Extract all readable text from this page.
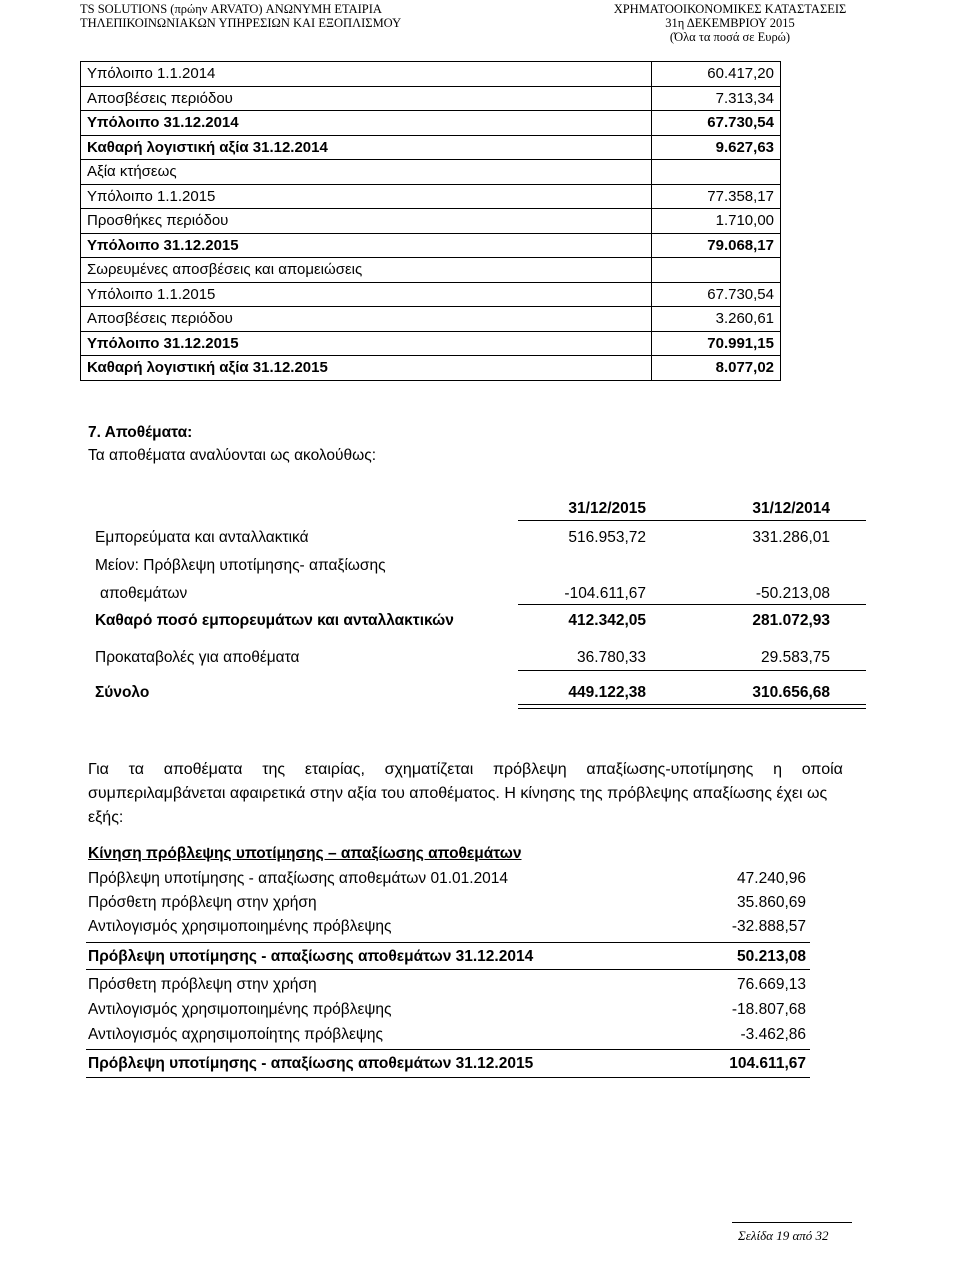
TS SOLUTIONS (πρώην ARVATO) ΑΝΩΝΥΜΗ ΕΤΑΙΡΙΑ
ΤΗΛΕΠΙΚΟΙΝΩΝΙΑΚΩΝ ΥΠΗΡΕΣΙΩΝ ΚΑΙ ΕΞΟΠΛΙΣΜΟΥ
ΧΡΗΜΑΤΟΟΙΚΟΝΟΜΙΚΕΣ ΚΑΤΑΣΤΑΣΕΙΣ
31η ΔΕΚΕΜΒΡΙΟΥ 2015
(Όλα τα ποσά σε Ευρώ)
Υπόλοιπο 1.1.2014	60.417,20
Αποσβέσεις περιόδου	7.313,34
Υπόλοιπο 31.12.2014	67.730,54
Καθαρή λογιστική αξία 31.12.2014	9.627,63
Αξία κτήσεως	
Υπόλοιπο 1.1.2015	77.358,17
Προσθήκες περιόδου	1.710,00
Υπόλοιπο 31.12.2015	79.068,17
Σωρευμένες αποσβέσεις και απομειώσεις	
Υπόλοιπο 1.1.2015	67.730,54
Αποσβέσεις περιόδου	3.260,61
Υπόλοιπο 31.12.2015	70.991,15
Καθαρή λογιστική αξία 31.12.2015	8.077,02
7. Αποθέματα:
Τα αποθέματα αναλύονται ως ακολούθως:
31/12/2015	31/12/2014
Εμπορεύματα και ανταλλακτικά	516.953,72	331.286,01
Μείον: Πρόβλεψη υποτίμησης- απαξίωσης
αποθεμάτων	-104.611,67	-50.213,08
Καθαρό ποσό εμπορευμάτων και ανταλλακτικών	412.342,05	281.072,93
Προκαταβολές για αποθέματα	36.780,33	29.583,75
Σύνολο	449.122,38	310.656,68
Για τα αποθέματα της εταιρίας, σχηματίζεται πρόβλεψη απαξίωσης-υποτίμησης η οποία
συμπεριλαμβάνεται αφαιρετικά στην αξία του αποθέματος. Η κίνησης της πρόβλεψης απαξίωσης έχει ως
εξής:
Κίνηση πρόβλεψης υποτίμησης – απαξίωσης αποθεμάτων
Πρόβλεψη υποτίμησης - απαξίωσης αποθεμάτων 01.01.2014	47.240,96
Πρόσθετη πρόβλεψη στην χρήση	35.860,69
Αντιλογισμός χρησιμοποιημένης πρόβλεψης	-32.888,57
Πρόβλεψη υποτίμησης - απαξίωσης αποθεμάτων 31.12.2014	50.213,08
Πρόσθετη πρόβλεψη στην χρήση	76.669,13
Αντιλογισμός χρησιμοποιημένης πρόβλεψης	-18.807,68
Αντιλογισμός αχρησιμοποίητης πρόβλεψης	-3.462,86
Πρόβλεψη υποτίμησης - απαξίωσης αποθεμάτων 31.12.2015	104.611,67
Σελίδα 19 από 32
